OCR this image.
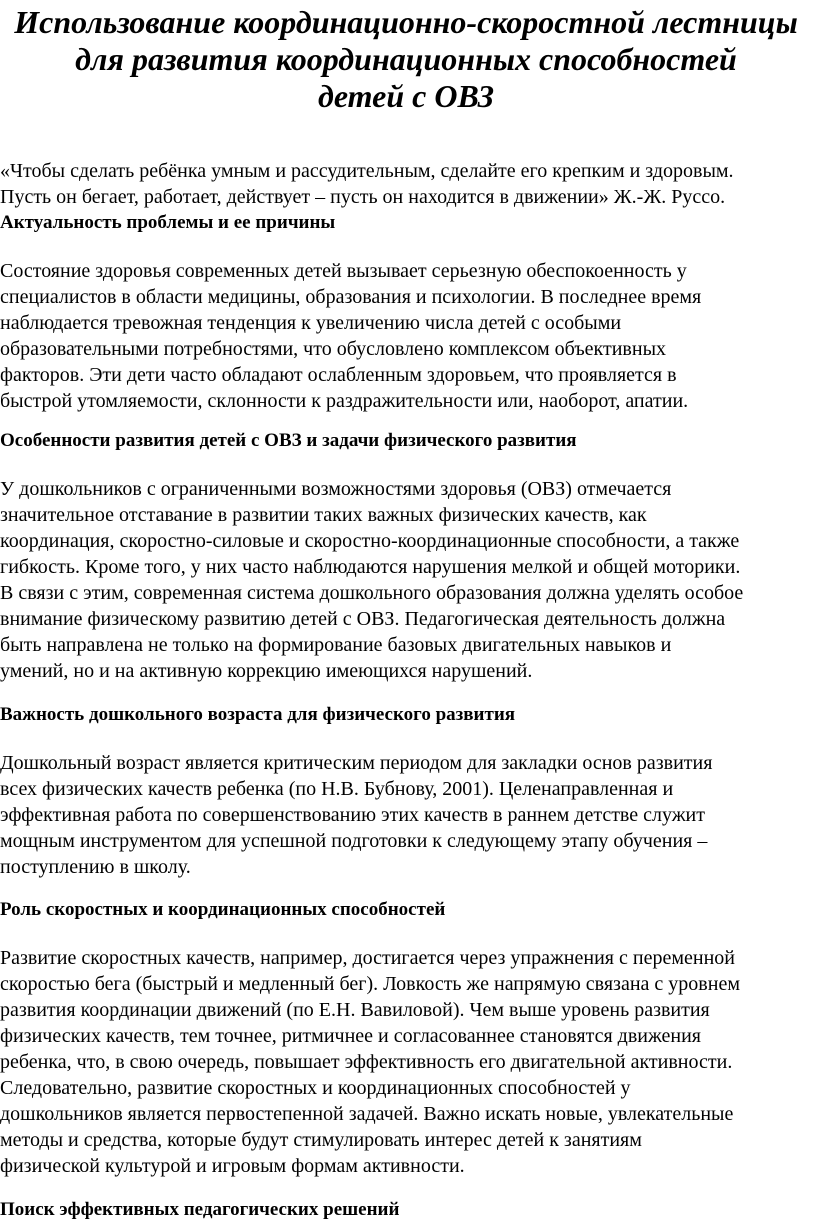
Использование координационно-скоростной лестницы
для развития координационных способностей
детей с ОВЗ
«Чтобы сделать ребёнка умным и рассудительным, сделайте его крепким и здоровым.
Пусть он бегает, работает, действует – пусть он находится в движении» Ж.-Ж. Руссо.
Актуальность проблемы и ее причины

Состояние здоровья современных детей вызывает серьезную обеспокоенность у
специалистов в области медицины, образования и психологии. В последнее время
наблюдается тревожная тенденция к увеличению числа детей с особыми
образовательными потребностями, что обусловлено комплексом объективных
факторов. Эти дети часто обладают ослабленным здоровьем, что проявляется в
быстрой утомляемости, склонности к раздражительности или, наоборот, апатии.

Особенности развития детей с ОВЗ и задачи физического развития

У дошкольников с ограниченными возможностями здоровья (ОВЗ) отмечается
значительное отставание в развитии таких важных физических качеств, как
координация, скоростно-силовые и скоростно-координационные способности, а также
гибкость. Кроме того, у них часто наблюдаются нарушения мелкой и общей моторики.
В связи с этим, современная система дошкольного образования должна уделять особое
внимание физическому развитию детей с ОВЗ. Педагогическая деятельность должна
быть направлена не только на формирование базовых двигательных навыков и
умений, но и на активную коррекцию имеющихся нарушений.

Важность дошкольного возраста для физического развития

Дошкольный возраст является критическим периодом для закладки основ развития
всех физических качеств ребенка (по Н.В. Бубнову, 2001). Целенаправленная и
эффективная работа по совершенствованию этих качеств в раннем детстве служит
мощным инструментом для успешной подготовки к следующему этапу обучения –
поступлению в школу.

Роль скоростных и координационных способностей

Развитие скоростных качеств, например, достигается через упражнения с переменной
скоростью бега (быстрый и медленный бег). Ловкость же напрямую связана с уровнем
развития координации движений (по Е.Н. Вавиловой). Чем выше уровень развития
физических качеств, тем точнее, ритмичнее и согласованнее становятся движения
ребенка, что, в свою очередь, повышает эффективность его двигательной активности.
Следовательно, развитие скоростных и координационных способностей у
дошкольников является первостепенной задачей. Важно искать новые, увлекательные
методы и средства, которые будут стимулировать интерес детей к занятиям
физической культурой и игровым формам активности.

Поиск эффективных педагогических решений
